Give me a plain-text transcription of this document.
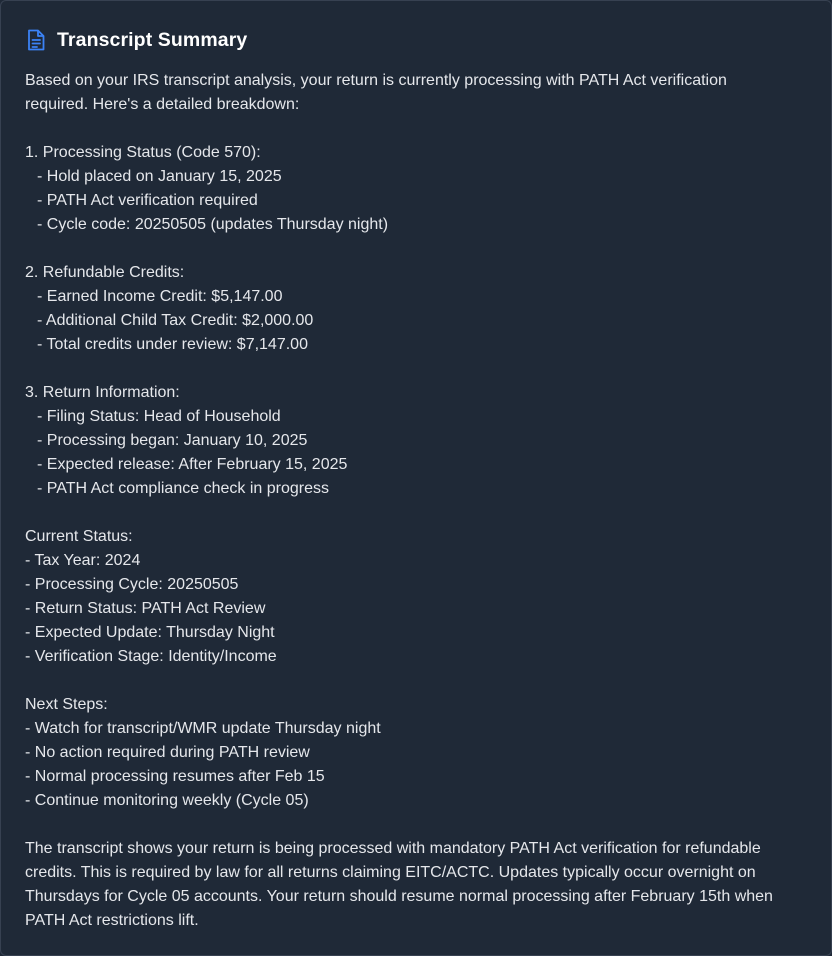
Transcript Summary
Based on your IRS transcript analysis, your return is currently processing with PATH Act verification
required. Here's a detailed breakdown:
1. Processing Status (Code 570):
- Hold placed on January 15, 2025
- PATH Act verification required
- Cycle code: 20250505 (updates Thursday night)
2. Refundable Credits:
- Earned Income Credit: $5,147.00
- Additional Child Tax Credit: $2,000.00
- Total credits under review: $7,147.00
3. Return Information:
- Filing Status: Head of Household
- Processing began: January 10, 2025
- Expected release: After February 15, 2025
- PATH Act compliance check in progress
Current Status:
- Tax Year: 2024
- Processing Cycle: 20250505
- Return Status: PATH Act Review
- Expected Update: Thursday Night
- Verification Stage: Identity/Income
Next Steps:
- Watch for transcript/WMR update Thursday night
- No action required during PATH review
- Normal processing resumes after Feb 15
- Continue monitoring weekly (Cycle 05)
The transcript shows your return is being processed with mandatory PATH Act verification for refundable
credits. This is required by law for all returns claiming EITC/ACTC. Updates typically occur overnight on
Thursdays for Cycle 05 accounts. Your return should resume normal processing after February 15th when
PATH Act restrictions lift.
